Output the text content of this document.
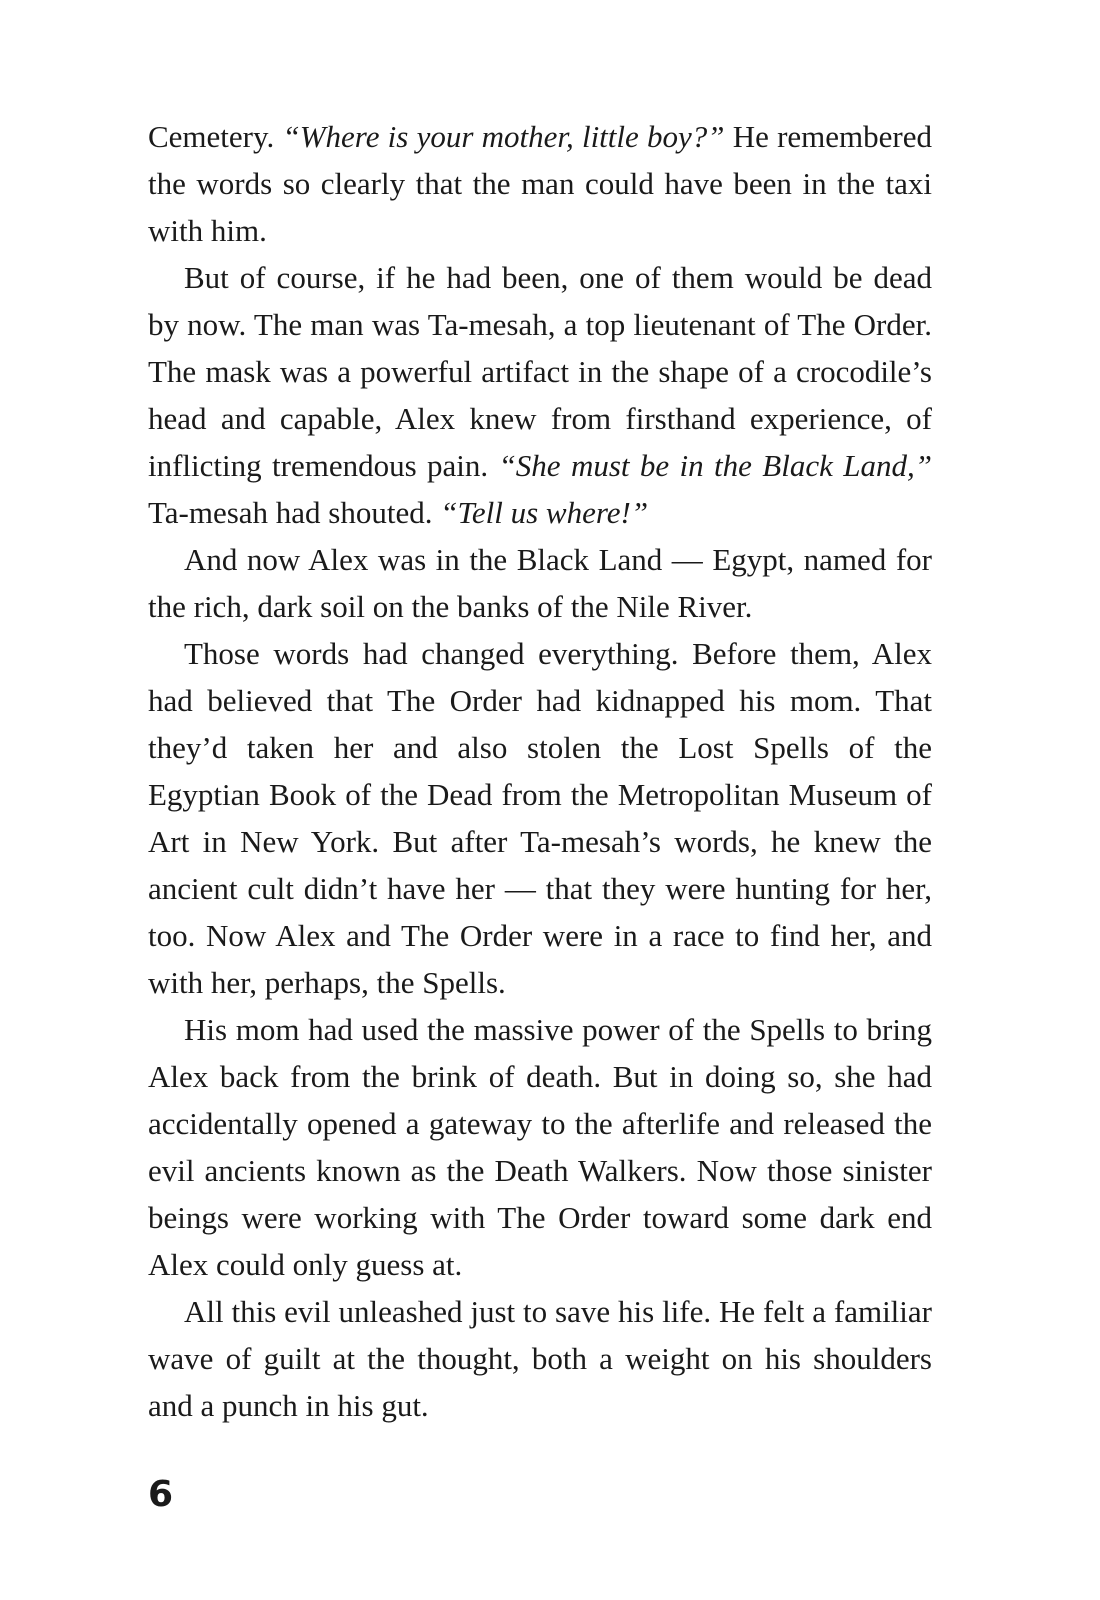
Cemetery. “Where is your mother, little boy?” He remembered the words so clearly that the man could have been in the taxi with him.

But of course, if he had been, one of them would be dead by now. The man was Ta-mesah, a top lieutenant of The Order. The mask was a powerful artifact in the shape of a crocodile’s head and capable, Alex knew from firsthand experience, of inflicting tremendous pain. “She must be in the Black Land,” Ta-mesah had shouted. “Tell us where!”

And now Alex was in the Black Land — Egypt, named for the rich, dark soil on the banks of the Nile River.

Those words had changed everything. Before them, Alex had believed that The Order had kidnapped his mom. That they’d taken her and also stolen the Lost Spells of the Egyptian Book of the Dead from the Metropolitan Museum of Art in New York. But after Ta-mesah’s words, he knew the ancient cult didn’t have her — that they were hunting for her, too. Now Alex and The Order were in a race to find her, and with her, perhaps, the Spells.

His mom had used the massive power of the Spells to bring Alex back from the brink of death. But in doing so, she had accidentally opened a gateway to the afterlife and released the evil ancients known as the Death Walkers. Now those sinister beings were working with The Order toward some dark end Alex could only guess at.

All this evil unleashed just to save his life. He felt a familiar wave of guilt at the thought, both a weight on his shoulders and a punch in his gut.

6
